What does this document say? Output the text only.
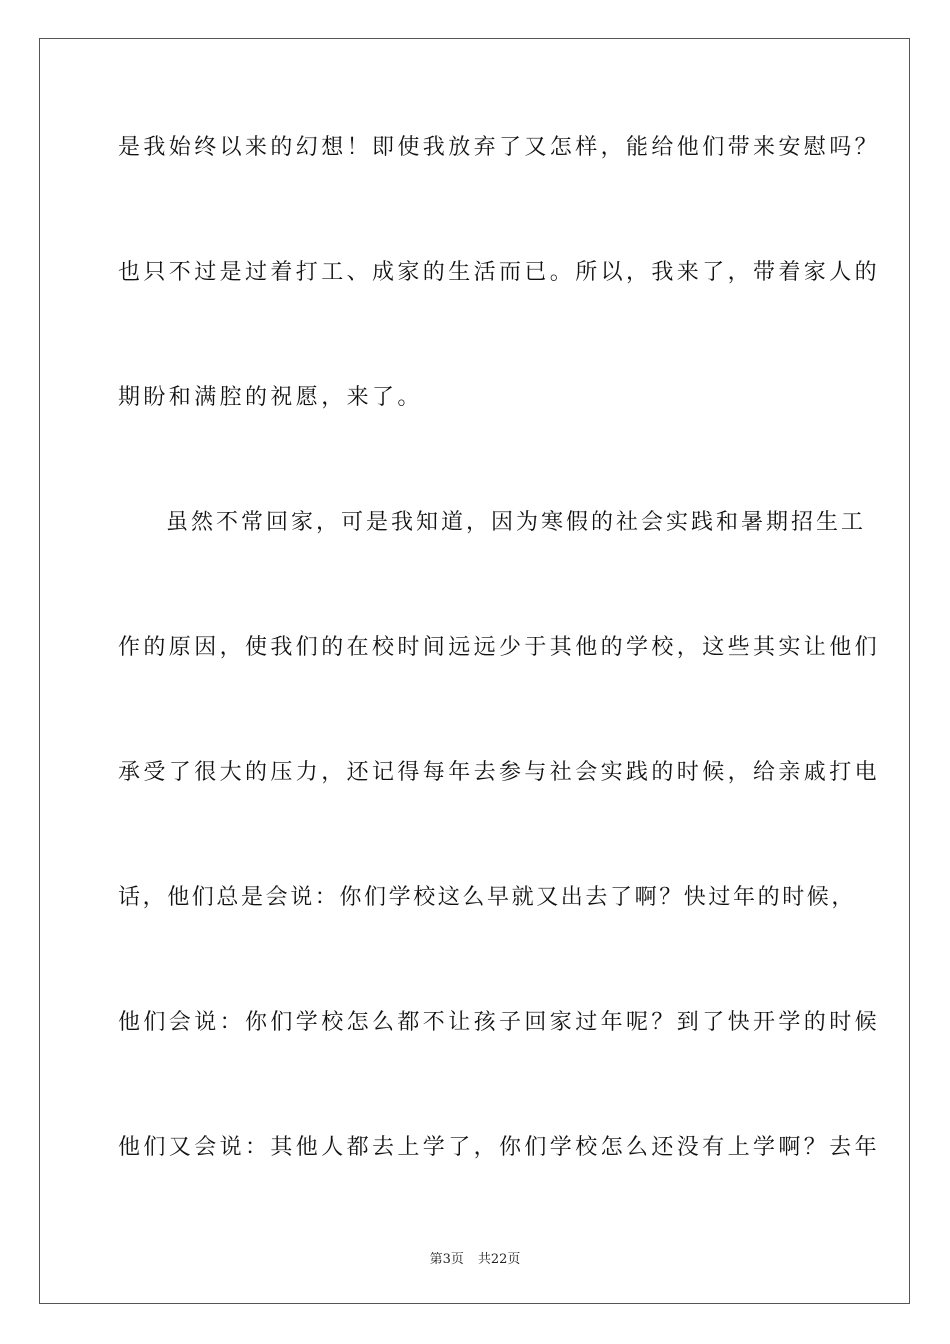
是我始终以来的幻想！即使我放弃了又怎样，能给他们带来安慰吗？
也只不过是过着打工、成家的生活而已。所以，我来了，带着家人的
期盼和满腔的祝愿，来了。
虽然不常回家，可是我知道，因为寒假的社会实践和暑期招生工
作的原因，使我们的在校时间远远少于其他的学校，这些其实让他们
承受了很大的压力，还记得每年去参与社会实践的时候，给亲戚打电
话，他们总是会说：你们学校这么早就又出去了啊？快过年的时候，
他们会说：你们学校怎么都不让孩子回家过年呢？到了快开学的时候
他们又会说：其他人都去上学了，你们学校怎么还没有上学啊？去年
第3页 共22页
